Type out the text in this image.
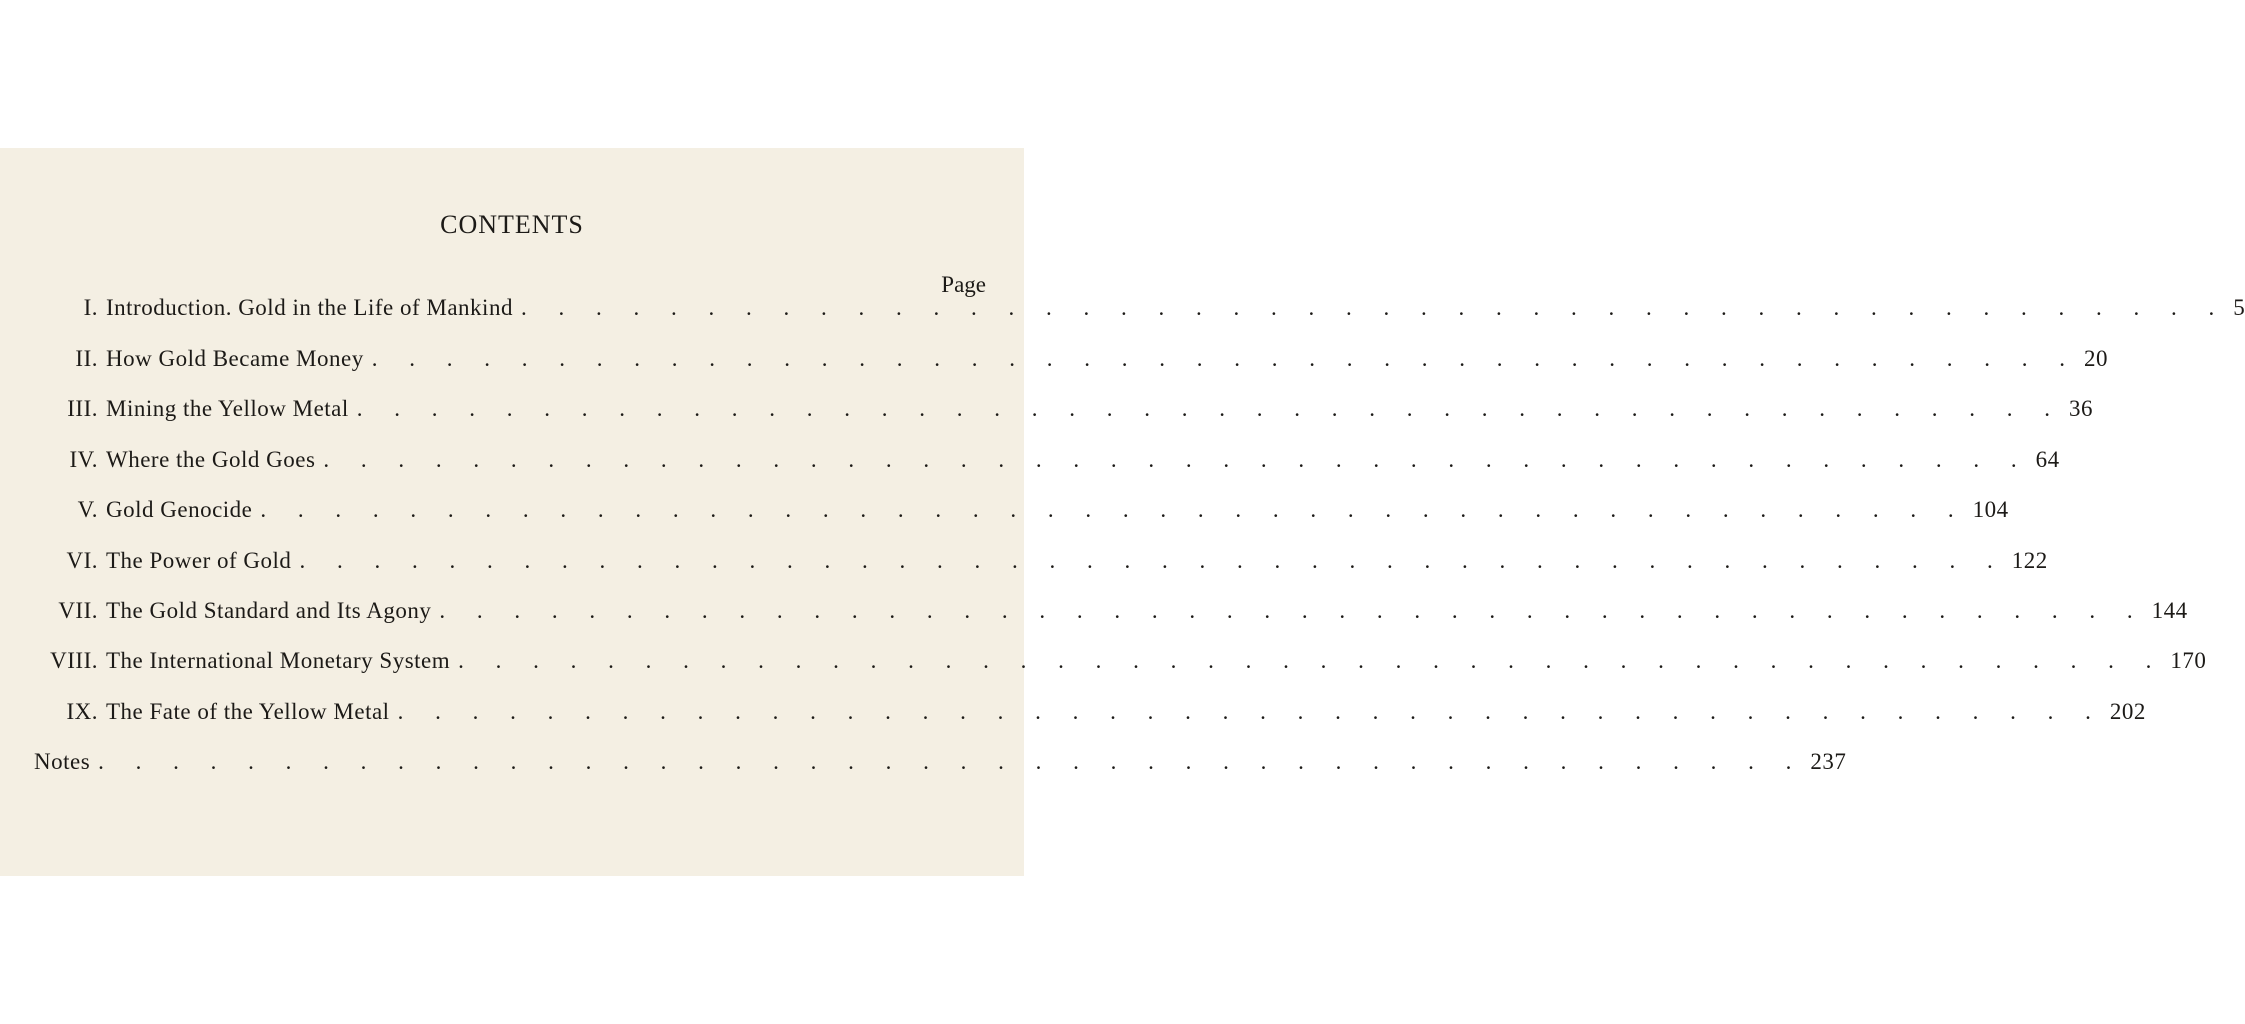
CONTENTS
Page
I. Introduction. Gold in the Life of Mankind . . . . . . . . . . . . . . . . . . . . . . . . . . . . . . . . . . . . . . . . . . . . . . 5
II. How Gold Became Money . . . . . . . . . . . . . . . . . . . . . . . . . . . . . . . . . . . . . . . . . . . . . . 20
III. Mining the Yellow Metal . . . . . . . . . . . . . . . . . . . . . . . . . . . . . . . . . . . . . . . . . . . . . . 36
IV. Where the Gold Goes . . . . . . . . . . . . . . . . . . . . . . . . . . . . . . . . . . . . . . . . . . . . . . 64
V. Gold Genocide . . . . . . . . . . . . . . . . . . . . . . . . . . . . . . . . . . . . . . . . . . . . . . 104
VI. The Power of Gold . . . . . . . . . . . . . . . . . . . . . . . . . . . . . . . . . . . . . . . . . . . . . . 122
VII. The Gold Standard and Its Agony . . . . . . . . . . . . . . . . . . . . . . . . . . . . . . . . . . . . . . . . . . . . . . 144
VIII. The International Monetary System . . . . . . . . . . . . . . . . . . . . . . . . . . . . . . . . . . . . . . . . . . . . . . 170
IX. The Fate of the Yellow Metal . . . . . . . . . . . . . . . . . . . . . . . . . . . . . . . . . . . . . . . . . . . . . . 202
Notes . . . . . . . . . . . . . . . . . . . . . . . . . . . . . . . . . . . . . . . . . . . . . . 237
